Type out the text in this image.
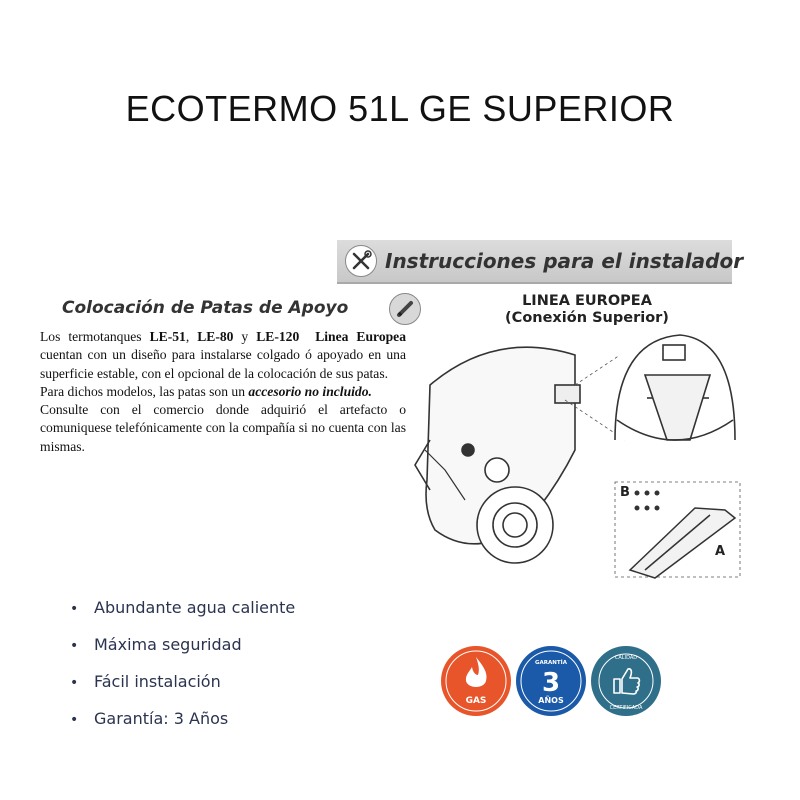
ECOTERMO 51L GE SUPERIOR
Instrucciones para el instalador
Colocación de Patas de Apoyo

Los termotanques LE-51, LE-80 y LE-120 Linea Europea cuentan con un diseño para instalarse colgado ó apoyado en una superficie estable, con el opcional de la colocación de sus patas.

Para dichos modelos, las patas son un accesorio no incluido.

Consulte con el comercio donde adquirió el artefacto o comuniquese telefónicamente con la compañía si no cuenta con las mismas.

LINEA EUROPEA
(Conexión Superior)
B
A
• Abundante agua caliente
• Máxima seguridad
• Fácil instalación
• Garantía: 3 Años
GAS
GARANTÍA
3
AÑOS
CALIDAD
CERTIFICADA
